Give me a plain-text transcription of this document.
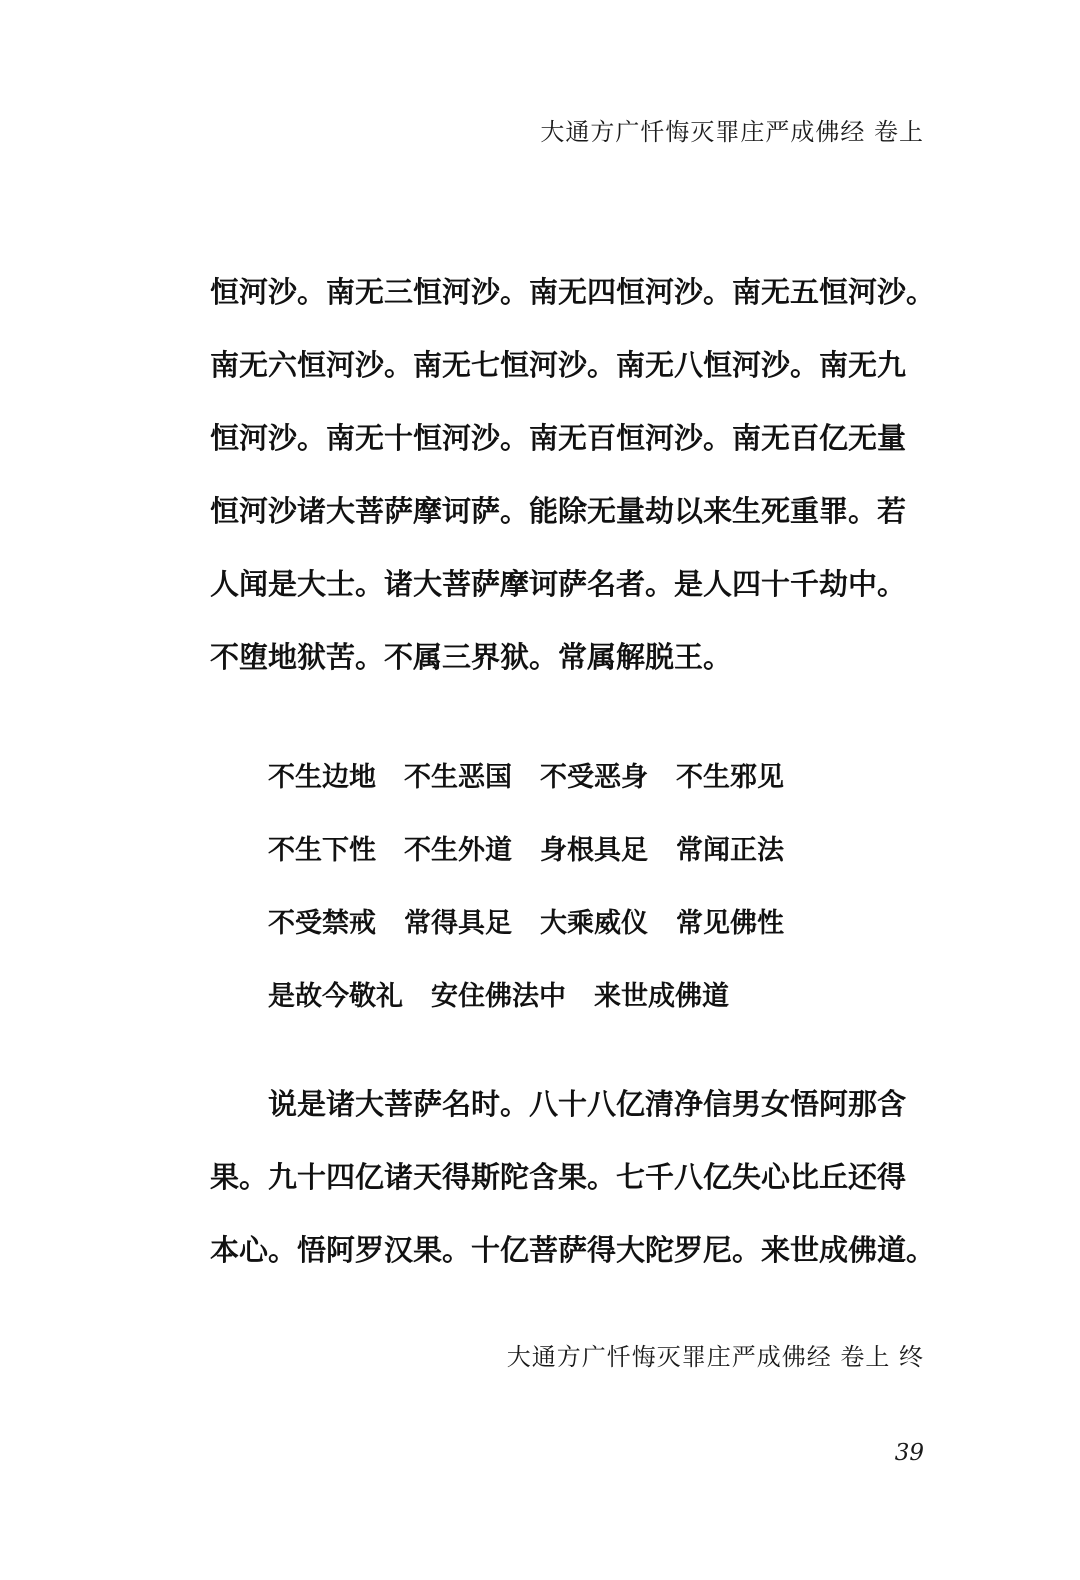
大通方广忏悔灭罪庄严成佛经 卷上
恒河沙。南无三恒河沙。南无四恒河沙。南无五恒河沙。
南无六恒河沙。南无七恒河沙。南无八恒河沙。南无九
恒河沙。南无十恒河沙。南无百恒河沙。南无百亿无量
恒河沙诸大菩萨摩诃萨。能除无量劫以来生死重罪。若
人闻是大士。诸大菩萨摩诃萨名者。是人四十千劫中。
不堕地狱苦。不属三界狱。常属解脱王。
不生边地 不生恶国 不受恶身 不生邪见
不生下性 不生外道 身根具足 常闻正法
不受禁戒 常得具足 大乘威仪 常见佛性
是故今敬礼 安住佛法中 来世成佛道
说是诸大菩萨名时。八十八亿清净信男女悟阿那含
果。九十四亿诸天得斯陀含果。七千八亿失心比丘还得
本心。悟阿罗汉果。十亿菩萨得大陀罗尼。来世成佛道。
大通方广忏悔灭罪庄严成佛经 卷上 终
39
